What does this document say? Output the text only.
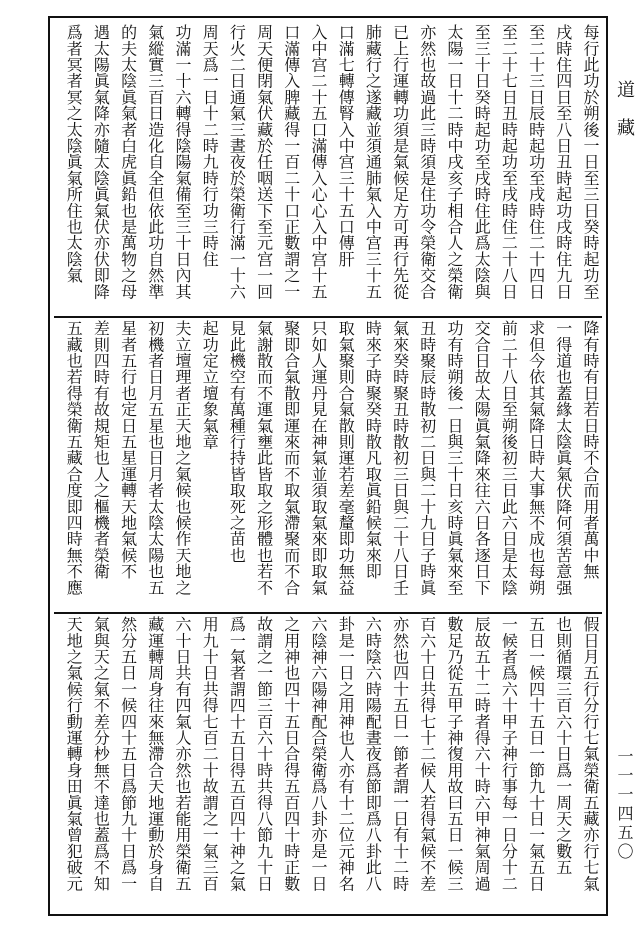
每行此功於朔後一日至三日癸時起功至
戌時住四日至八日丑時起功戌時住九日
至二十三日辰時起功至戌時住二十四日
至二十七日丑時起功至戌時住二十八日
至三十日癸時起功至戌時住此爲太陰與
太陽一日十二時中戌亥子相合人之榮衛
亦然也故過此三時須是住功令榮衛交合
已上行運轉功須是氣候足方可再行先從
肺藏行之遂藏並須通肺氣入中宫三十五
口滿七轉傳腎入中宫三十五口傳肝
入中宫二十五口滿傳入心心入中宫十五
口滿傳入脾藏得一百二十口正數謂之一
周天便閉氣伏藏於任咽送下至元宫一回
行火二日通氣三晝夜於榮衛行滿一十六
周天爲一日十二時九時行功三時住
功滿一十六轉得陰陽氣備至三十日內其
氣縱實三百日造化自全但依此功自然準
的夫太陰眞氣者白虎眞鉛也是萬物之母
遇太陽眞氣降亦隨太陰眞氣伏亦伏即降
爲者冥者冥之太陰眞氣所住也太陰氣
降有時有日若日時不合而用者萬中無
一得道也蓋緣太陰眞氣伏降何須苦意强
求但今依其氣降日時大事無不成也每朔
前二十八日至朔後初三日此六日是太陰
交合日故太陽眞氣降來往六日各逐日下
功有時朔後一日與三十日亥時眞氣來至
丑時聚辰時散初二日與二十九日子時眞
氣來癸時聚丑時散初三日與二十八日壬
時來子時聚癸時散凡取眞鉛候氣來即
取氣聚則合氣散則運若差毫釐即功無益
只如人運丹見在神氣並須取氣來即取氣
聚即合氣散即運來而不取氣滯聚而不合
氣謝散而不運氣壅此皆取之形體也若不
見此機空有萬種行持皆取死之苗也
起功定立壇象氣章
夫立壇理者正天地之氣候也候作天地之
初機者日月五星也日月者太陰太陽也五
星者五行也定日五星運轉天地氣候不
差則四時有故規矩也人之樞機者榮衛
五藏也若得榮衛五藏合度即四時無不應
假日月五行分行七氣榮衛五藏亦行七氣
也則循環三百六十日爲一周天之數五
五日一候四十五日一節九十日一氣五日
一候者爲六十甲子神行事每一日分十二
辰故五十二時者得六十時六甲神氣周過
數足乃從五甲子神復用故曰五日一候三
百六十日共得七十二候人若得氣候不差
亦然也四十五日一節者謂一日有十二時
六時陰六時陽配晝夜爲節即爲八卦此八
卦是一日之用神也人亦有十二位元神名
六陰神六陽神配合榮衛爲八卦亦是一日
之用神也四十五日合得五百四十時正數
故謂之一節三百六十時共得八節九十日
爲一氣者謂四十五日得五百四十神之氣
用九十日共得七百二十故謂之一氣三百
六十日共有四氣人亦然也若能用榮衛五
藏運轉周身往來無滯合天地運動於身自
然分五日一候四十五日爲節九十日爲一
氣與天之氣不差分杪無不達也蓋爲不知
天地之氣候行動運轉身田眞氣曾犯破元
道藏
一一一四五〇
